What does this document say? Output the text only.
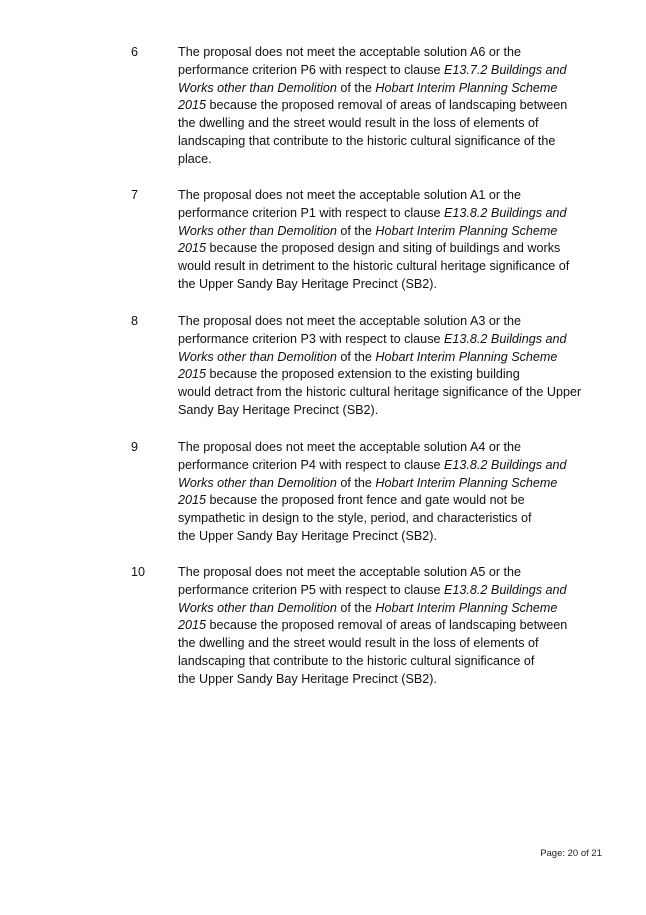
6	The proposal does not meet the acceptable solution A6 or the
performance criterion P6 with respect to clause E13.7.2 Buildings and
Works other than Demolition of the Hobart Interim Planning Scheme
2015 because the proposed removal of areas of landscaping between
the dwelling and the street would result in the loss of elements of
landscaping that contribute to the historic cultural significance of the
place.
7	The proposal does not meet the acceptable solution A1 or the
performance criterion P1 with respect to clause E13.8.2 Buildings and
Works other than Demolition of the Hobart Interim Planning Scheme
2015 because the proposed design and siting of buildings and works
would result in detriment to the historic cultural heritage significance of
the Upper Sandy Bay Heritage Precinct (SB2).
8	The proposal does not meet the acceptable solution A3 or the
performance criterion P3 with respect to clause E13.8.2 Buildings and
Works other than Demolition of the Hobart Interim Planning Scheme
2015 because the proposed extension to the existing building
would detract from the historic cultural heritage significance of the Upper
Sandy Bay Heritage Precinct (SB2).
9	The proposal does not meet the acceptable solution A4 or the
performance criterion P4 with respect to clause E13.8.2 Buildings and
Works other than Demolition of the Hobart Interim Planning Scheme
2015 because the proposed front fence and gate would not be
sympathetic in design to the style, period, and characteristics of
the Upper Sandy Bay Heritage Precinct (SB2).
10	The proposal does not meet the acceptable solution A5 or the
performance criterion P5 with respect to clause E13.8.2 Buildings and
Works other than Demolition of the Hobart Interim Planning Scheme
2015 because the proposed removal of areas of landscaping between
the dwelling and the street would result in the loss of elements of
landscaping that contribute to the historic cultural significance of
the Upper Sandy Bay Heritage Precinct (SB2).
Page: 20 of 21
